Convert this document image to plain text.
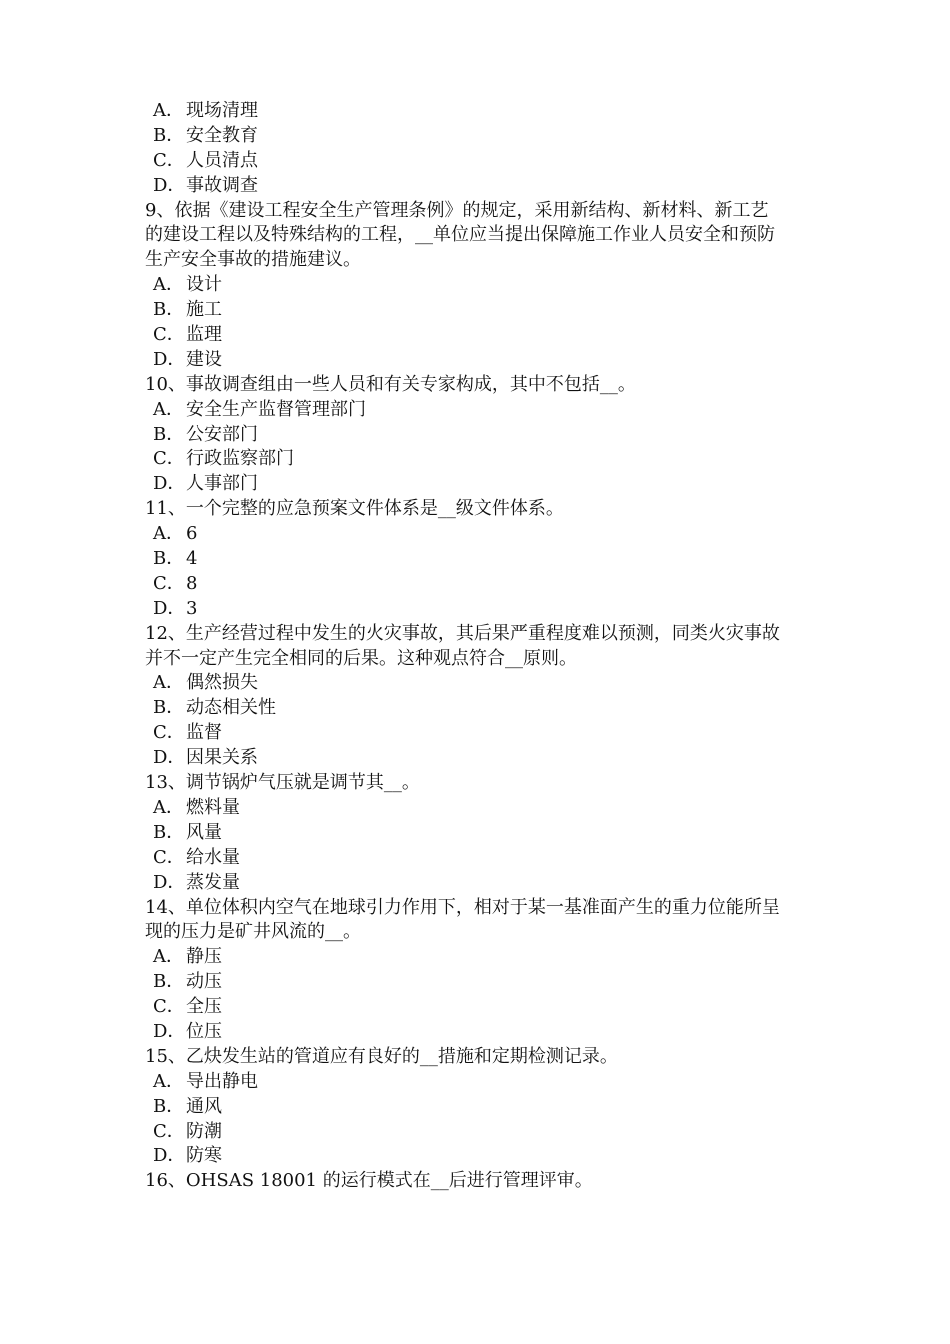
A． 现场清理
B．安全教育
C．人员清点
D．事故调查
9、依据《建设工程安全生产管理条例》的规定，采用新结构、新材料、新工艺
的建设工程以及特殊结构的工程，__单位应当提出保障施工作业人员安全和预防
生产安全事故的措施建议。
A． 设计
B．施工
C．监理
D．建设
10、事故调查组由一些人员和有关专家构成，其中不包括__。
A． 安全生产监督管理部门
B．公安部门
C．行政监察部门
D．人事部门
11、一个完整的应急预案文件体系是__级文件体系。
A． 6
B．4
C．8
D．3
12、生产经营过程中发生的火灾事故，其后果严重程度难以预测，同类火灾事故
并不一定产生完全相同的后果。这种观点符合__原则。
A． 偶然损失
B．动态相关性
C．监督
D．因果关系
13、调节锅炉气压就是调节其__。
A． 燃料量
B．风量
C．给水量
D．蒸发量
14、单位体积内空气在地球引力作用下，相对于某一基准面产生的重力位能所呈
现的压力是矿井风流的__。
A． 静压
B．动压
C．全压
D．位压
15、乙炔发生站的管道应有良好的__措施和定期检测记录。
A． 导出静电
B．通风
C．防潮
D．防寒
16、OHSAS 18001 的运行模式在__后进行管理评审。
